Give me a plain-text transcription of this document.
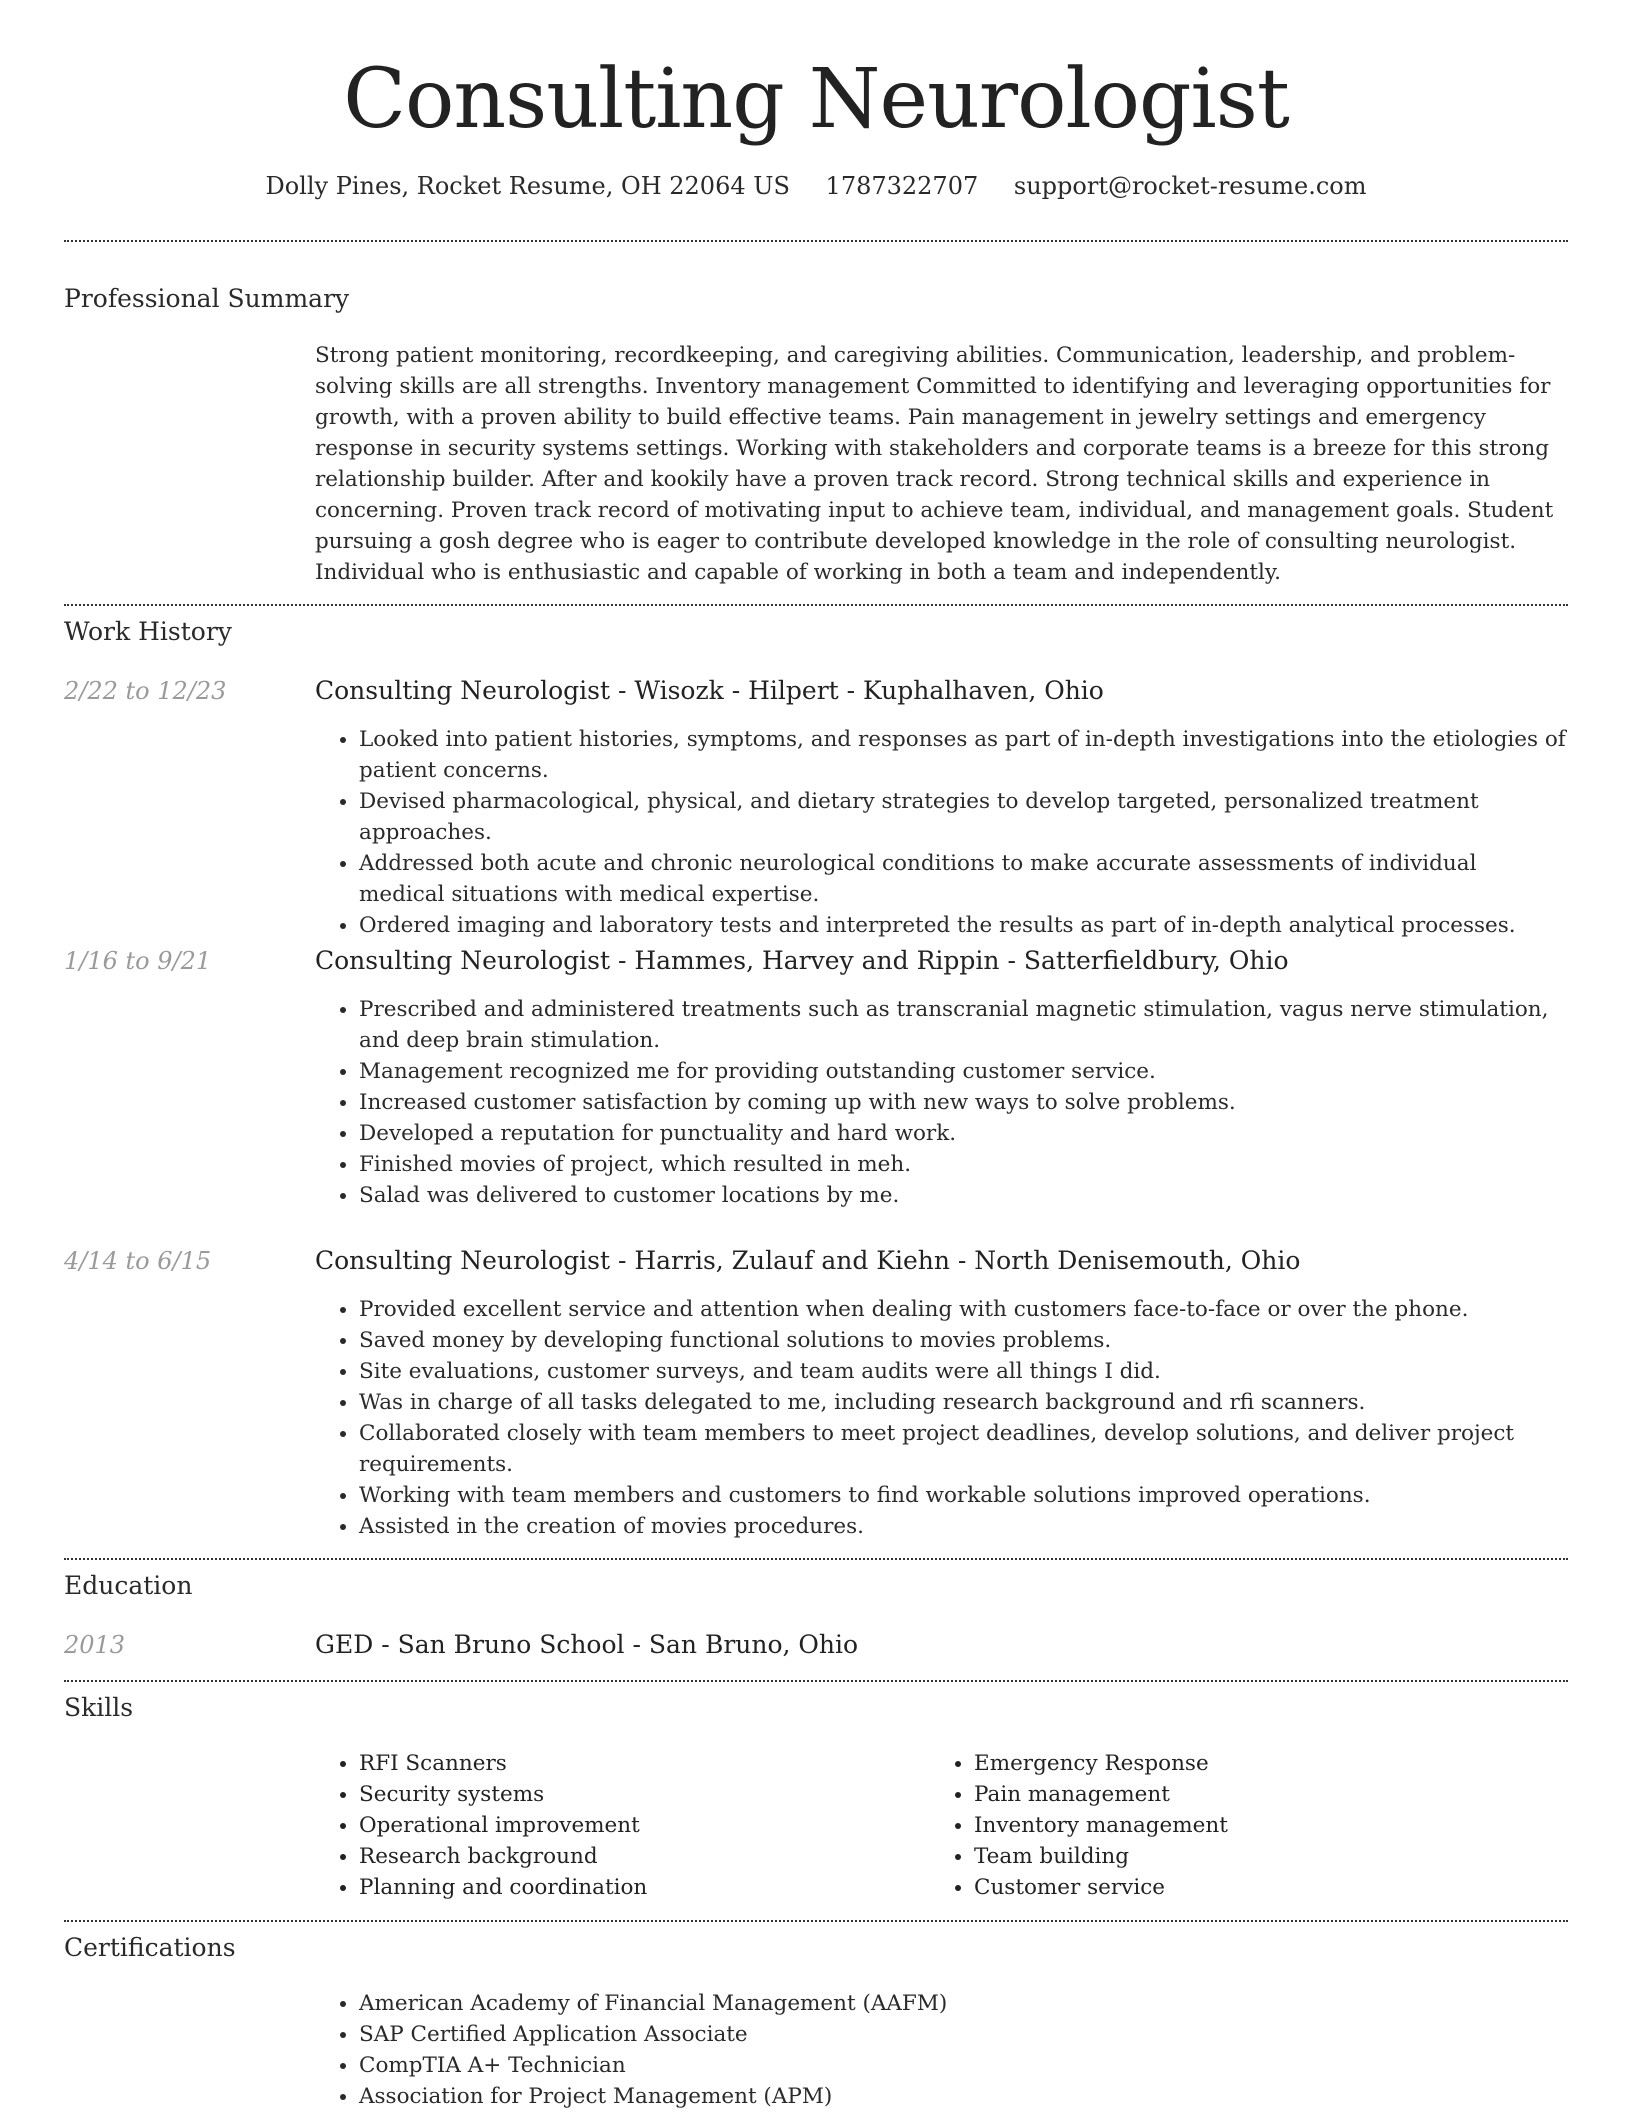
Consulting Neurologist
Dolly Pines, Rocket Resume, OH 22064 US 1787322707 support@rocket-resume.com
Professional Summary

Strong patient monitoring, recordkeeping, and caregiving abilities. Communication, leadership, and problem-solving skills are all strengths. Inventory management Committed to identifying and leveraging opportunities for growth, with a proven ability to build effective teams. Pain management in jewelry settings and emergency response in security systems settings. Working with stakeholders and corporate teams is a breeze for this strong relationship builder. After and kookily have a proven track record. Strong technical skills and experience in concerning. Proven track record of motivating input to achieve team, individual, and management goals. Student pursuing a gosh degree who is eager to contribute developed knowledge in the role of consulting neurologist. Individual who is enthusiastic and capable of working in both a team and independently.

Work History
2/22 to 12/23	Consulting Neurologist - Wisozk - Hilpert - Kuphalhaven, Ohio
• Looked into patient histories, symptoms, and responses as part of in-depth investigations into the etiologies of patient concerns.
• Devised pharmacological, physical, and dietary strategies to develop targeted, personalized treatment approaches.
• Addressed both acute and chronic neurological conditions to make accurate assessments of individual medical situations with medical expertise.
• Ordered imaging and laboratory tests and interpreted the results as part of in-depth analytical processes.
1/16 to 9/21	Consulting Neurologist - Hammes, Harvey and Rippin - Satterfieldbury, Ohio
• Prescribed and administered treatments such as transcranial magnetic stimulation, vagus nerve stimulation, and deep brain stimulation.
• Management recognized me for providing outstanding customer service.
• Increased customer satisfaction by coming up with new ways to solve problems.
• Developed a reputation for punctuality and hard work.
• Finished movies of project, which resulted in meh.
• Salad was delivered to customer locations by me.
4/14 to 6/15	Consulting Neurologist - Harris, Zulauf and Kiehn - North Denisemouth, Ohio
• Provided excellent service and attention when dealing with customers face-to-face or over the phone.
• Saved money by developing functional solutions to movies problems.
• Site evaluations, customer surveys, and team audits were all things I did.
• Was in charge of all tasks delegated to me, including research background and rfi scanners.
• Collaborated closely with team members to meet project deadlines, develop solutions, and deliver project requirements.
• Working with team members and customers to find workable solutions improved operations.
• Assisted in the creation of movies procedures.
Education
2013	GED - San Bruno School - San Bruno, Ohio
Skills
• RFI Scanners
• Security systems
• Operational improvement
• Research background
• Planning and coordination
• Emergency Response
• Pain management
• Inventory management
• Team building
• Customer service
Certifications
• American Academy of Financial Management (AAFM)
• SAP Certified Application Associate
• CompTIA A+ Technician
• Association for Project Management (APM)
